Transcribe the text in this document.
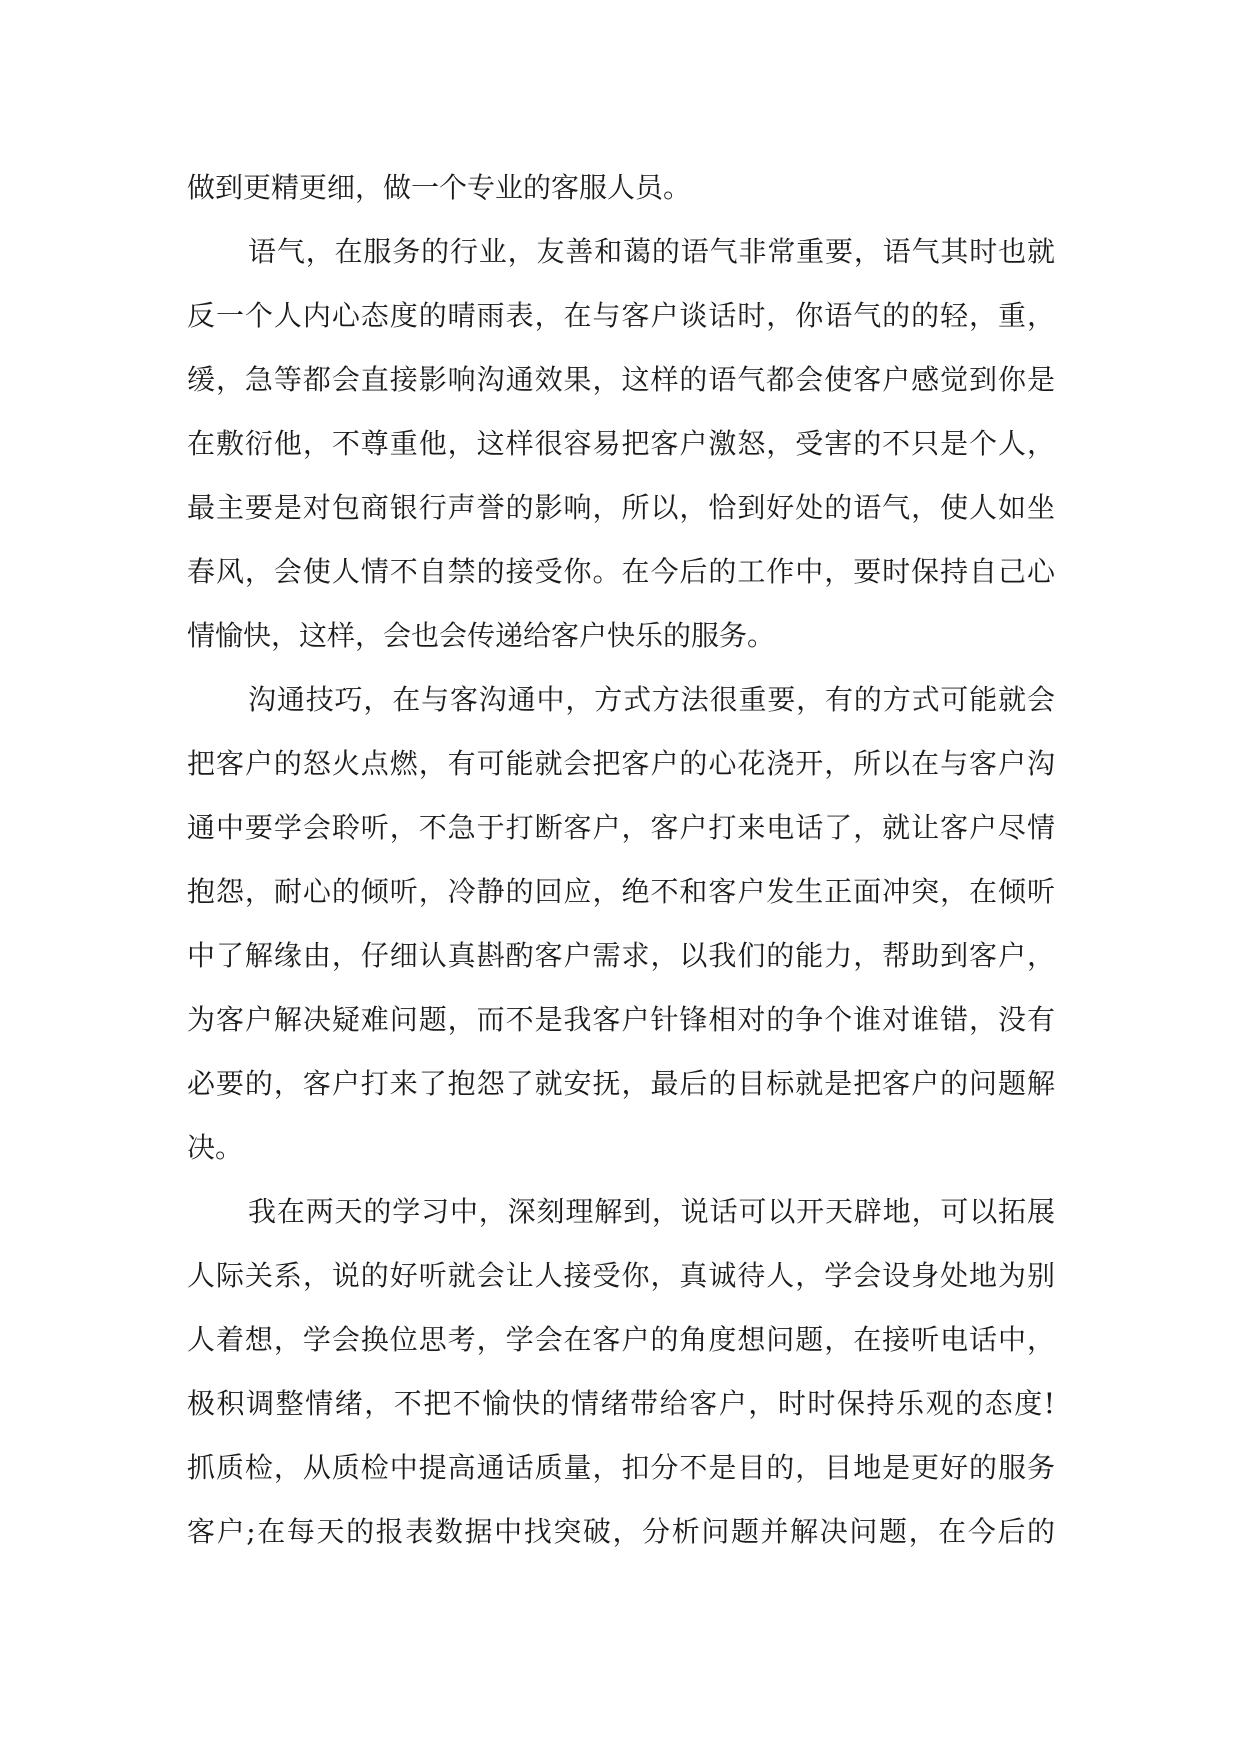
做到更精更细，做一个专业的客服人员。
语气，在服务的行业，友善和蔼的语气非常重要，语气其时也就
反一个人内心态度的晴雨表，在与客户谈话时，你语气的的轻，重，
缓，急等都会直接影响沟通效果，这样的语气都会使客户感觉到你是
在敷衍他，不尊重他，这样很容易把客户激怒，受害的不只是个人，
最主要是对包商银行声誉的影响，所以，恰到好处的语气，使人如坐
春风，会使人情不自禁的接受你。在今后的工作中，要时保持自己心
情愉快，这样，会也会传递给客户快乐的服务。
沟通技巧，在与客沟通中，方式方法很重要，有的方式可能就会
把客户的怒火点燃，有可能就会把客户的心花浇开，所以在与客户沟
通中要学会聆听，不急于打断客户，客户打来电话了，就让客户尽情
抱怨，耐心的倾听，冷静的回应，绝不和客户发生正面冲突，在倾听
中了解缘由，仔细认真斟酌客户需求，以我们的能力，帮助到客户，
为客户解决疑难问题，而不是我客户针锋相对的争个谁对谁错，没有
必要的，客户打来了抱怨了就安抚，最后的目标就是把客户的问题解
决。
我在两天的学习中，深刻理解到，说话可以开天辟地，可以拓展
人际关系，说的好听就会让人接受你，真诚待人，学会设身处地为别
人着想，学会换位思考，学会在客户的角度想问题，在接听电话中，
极积调整情绪，不把不愉快的情绪带给客户，时时保持乐观的态度!
抓质检，从质检中提高通话质量，扣分不是目的，目地是更好的服务
客户;在每天的报表数据中找突破，分析问题并解决问题，在今后的
